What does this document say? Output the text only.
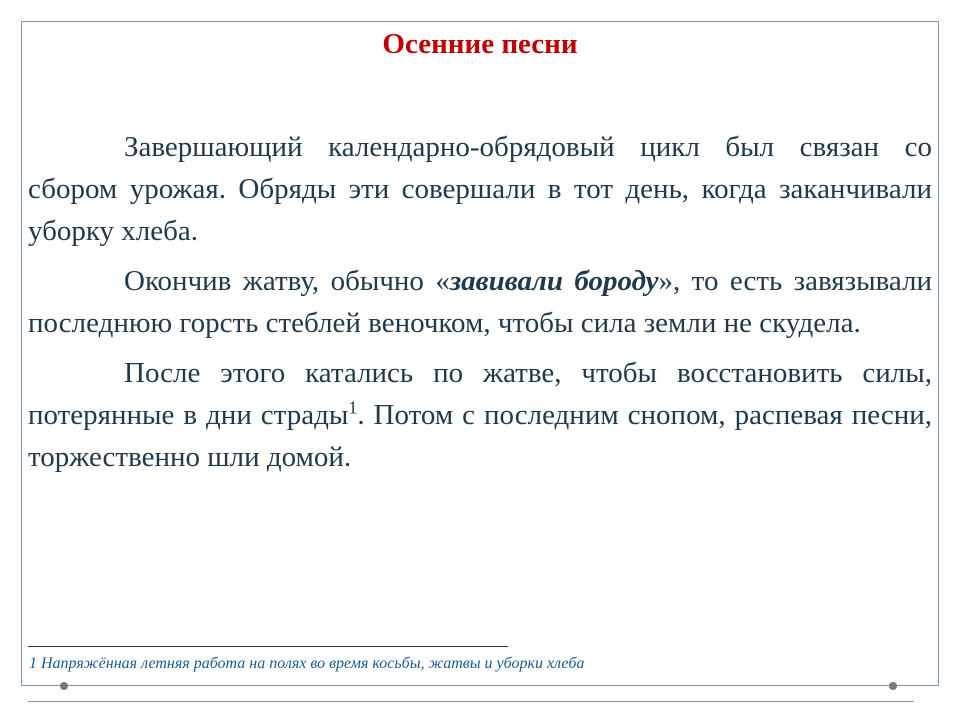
Осенние песни

Завершающий календарно-обрядовый цикл был связан со сбором урожая. Обряды эти совершали в тот день, когда заканчивали уборку хлеба.

Окончив жатву, обычно «завивали бороду», то есть завязывали последнюю горсть стеблей веночком, чтобы сила земли не скудела.

После этого катались по жатве, чтобы восстановить силы, потерянные в дни страды$^1$. Потом с последним снопом, распевая песни, торжественно шли домой.

1 Напряжённая летняя работа на полях во время косьбы, жатвы и уборки хлеба
